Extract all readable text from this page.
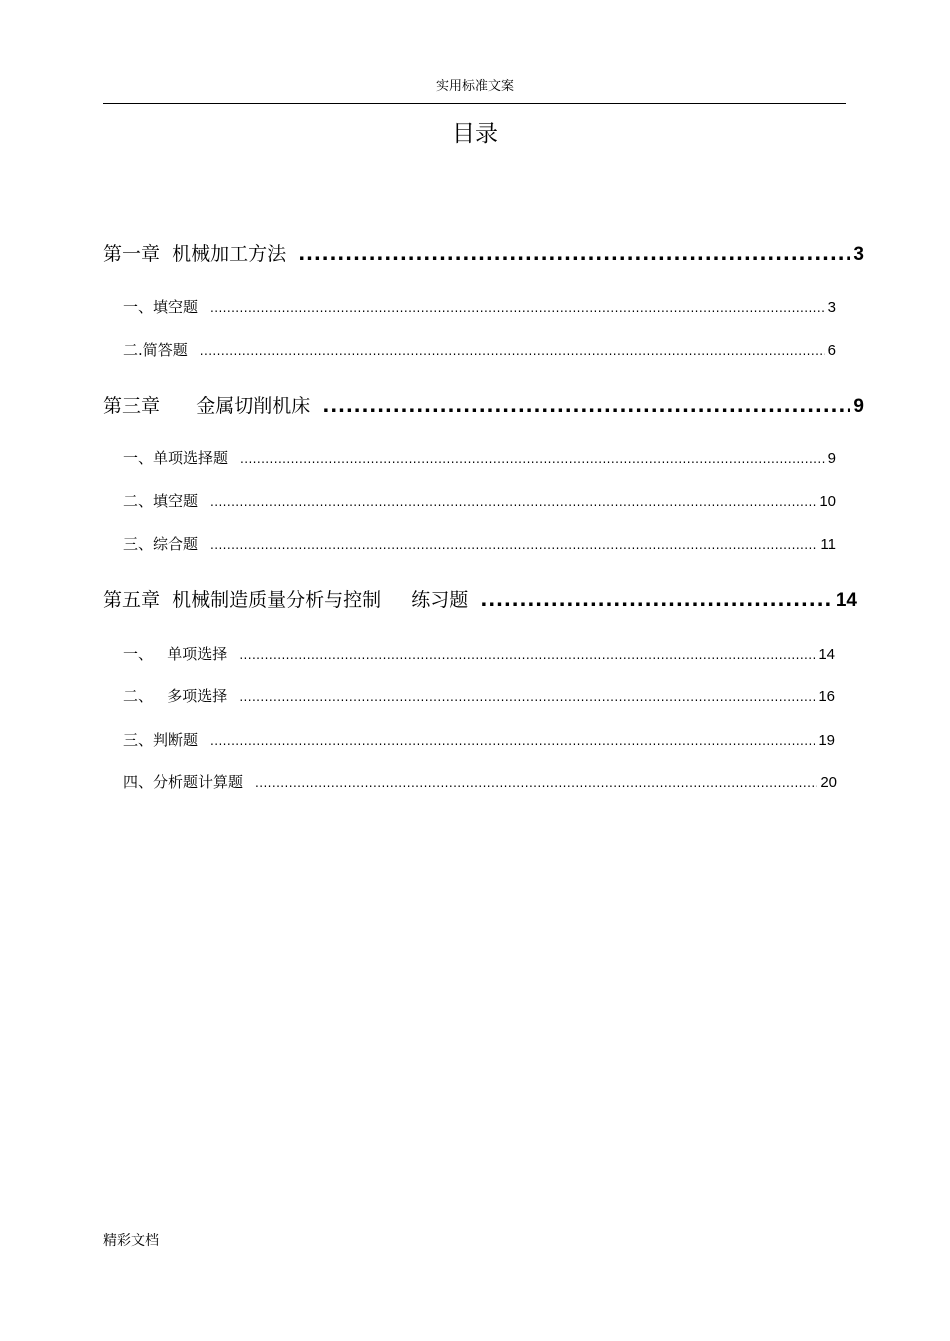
实用标准文案
目录
第一章  机械加工方法 .....	3
一、填空题 .....	3
二.简答题 .....	6
第三章      金属切削机床 .....	9
一、单项选择题 .....	9
二、填空题 .....	10
三、综合题 .....	11
第五章  机械制造质量分析与控制     练习题 .....	14
一、   单项选择 .....	14
二、   多项选择 .....	16
三、判断题 .....	19
四、分析题计算题 .....	20
精彩文档
